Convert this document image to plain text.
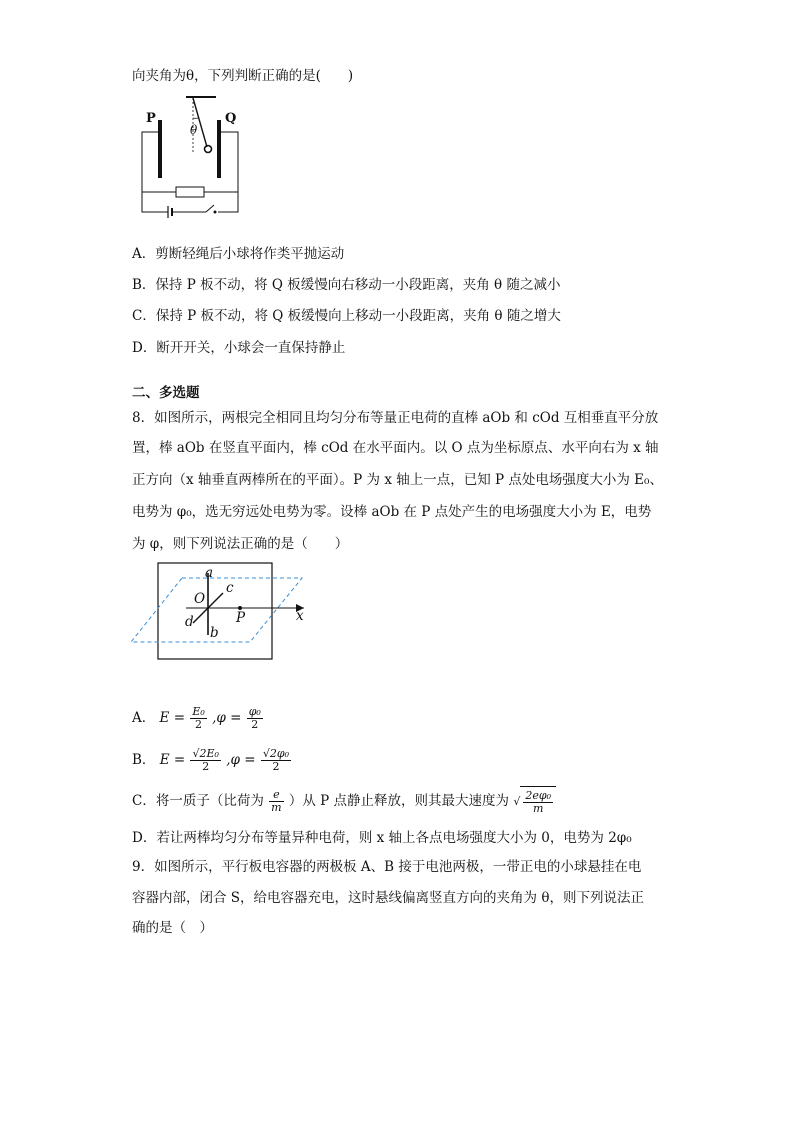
向夹角为θ，下列判断正确的是(　　)
P	Q
θ
A．剪断轻绳后小球将作类平抛运动
B．保持 P 板不动，将 Q 板缓慢向右移动一小段距离，夹角 θ 随之减小
C．保持 P 板不动，将 Q 板缓慢向上移动一小段距离，夹角 θ 随之增大
D．断开开关，小球会一直保持静止
二、多选题
8．如图所示，两根完全相同且均匀分布等量正电荷的直棒 aOb 和 cOd 互相垂直平分放
置，棒 aOb 在竖直平面内，棒 cOd 在水平面内。以 O 点为坐标原点、水平向右为 x 轴
正方向（x 轴垂直两棒所在的平面）。P 为 x 轴上一点，已知 P 点处电场强度大小为 E₀、
电势为 φ₀，选无穷远处电势为零。设棒 aOb 在 P 点处产生的电场强度大小为 E，电势
为 φ，则下列说法正确的是（　　）
a
c
O
d	P	x
b
A． $E = \frac{\text{E₀}}{2} ,\varphi = \frac{\text{φ₀}}{2}$
B． $E = \frac{\text{√2E₀}}{2} ,\varphi = \frac{\text{√2φ₀}}{2}$
C．将一质子（比荷为 $\frac{e}{m}$ ）从 P 点静止释放，则其最大速度为 √ $\frac{\text{2eφ₀}}{m}$
D．若让两棒均匀分布等量异种电荷，则 x 轴上各点电场强度大小为 0，电势为 2φ₀
9．如图所示，平行板电容器的两极板 A、B 接于电池两极，一带正电的小球悬挂在电
容器内部，闭合 S，给电容器充电，这时悬线偏离竖直方向的夹角为 θ，则下列说法正
确的是（　）
